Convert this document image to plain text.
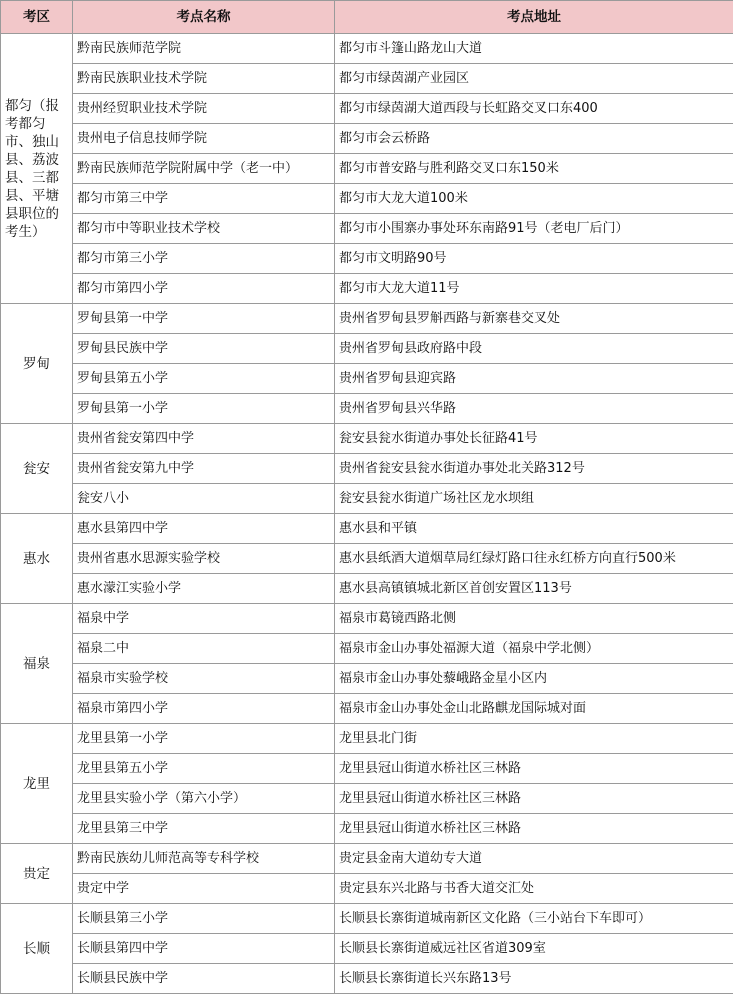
考区	考点名称	考点地址
都匀（报考都匀市、独山县、荔波县、三都县、平塘县职位的考生）	黔南民族师范学院	都匀市斗篷山路龙山大道
	黔南民族职业技术学院	都匀市绿茵湖产业园区
	贵州经贸职业技术学院	都匀市绿茵湖大道西段与长虹路交叉口东400
	贵州电子信息技师学院	都匀市会云桥路
	黔南民族师范学院附属中学（老一中）	都匀市普安路与胜利路交叉口东150米
	都匀市第三中学	都匀市大龙大道100米
	都匀市中等职业技术学校	都匀市小围寨办事处环东南路91号（老电厂后门）
	都匀市第三小学	都匀市文明路90号
	都匀市第四小学	都匀市大龙大道11号
罗甸	罗甸县第一中学	贵州省罗甸县罗斛西路与新寨巷交叉处
	罗甸县民族中学	贵州省罗甸县政府路中段
	罗甸县第五小学	贵州省罗甸县迎宾路
	罗甸县第一小学	贵州省罗甸县兴华路
瓮安	贵州省瓮安第四中学	瓮安县瓮水街道办事处长征路41号
	贵州省瓮安第九中学	贵州省瓮安县瓮水街道办事处北关路312号
	瓮安八小	瓮安县瓮水街道广场社区龙水坝组
惠水	惠水县第四中学	惠水县和平镇
	贵州省惠水思源实验学校	惠水县纸酒大道烟草局红绿灯路口往永红桥方向直行500米
	惠水濛江实验小学	惠水县高镇镇城北新区首创安置区113号
福泉	福泉中学	福泉市葛镜西路北侧
	福泉二中	福泉市金山办事处福源大道（福泉中学北侧）
	福泉市实验学校	福泉市金山办事处藜峨路金星小区内
	福泉市第四小学	福泉市金山办事处金山北路麒龙国际城对面
龙里	龙里县第一小学	龙里县北门街
	龙里县第五小学	龙里县冠山街道水桥社区三林路
	龙里县实验小学（第六小学）	龙里县冠山街道水桥社区三林路
	龙里县第三中学	龙里县冠山街道水桥社区三林路
贵定	黔南民族幼儿师范高等专科学校	贵定县金南大道幼专大道
	贵定中学	贵定县东兴北路与书香大道交汇处
长顺	长顺县第三小学	长顺县长寨街道城南新区文化路（三小站台下车即可）
	长顺县第四中学	长顺县长寨街道威远社区省道309室
	长顺县民族中学	长顺县长寨街道长兴东路13号
